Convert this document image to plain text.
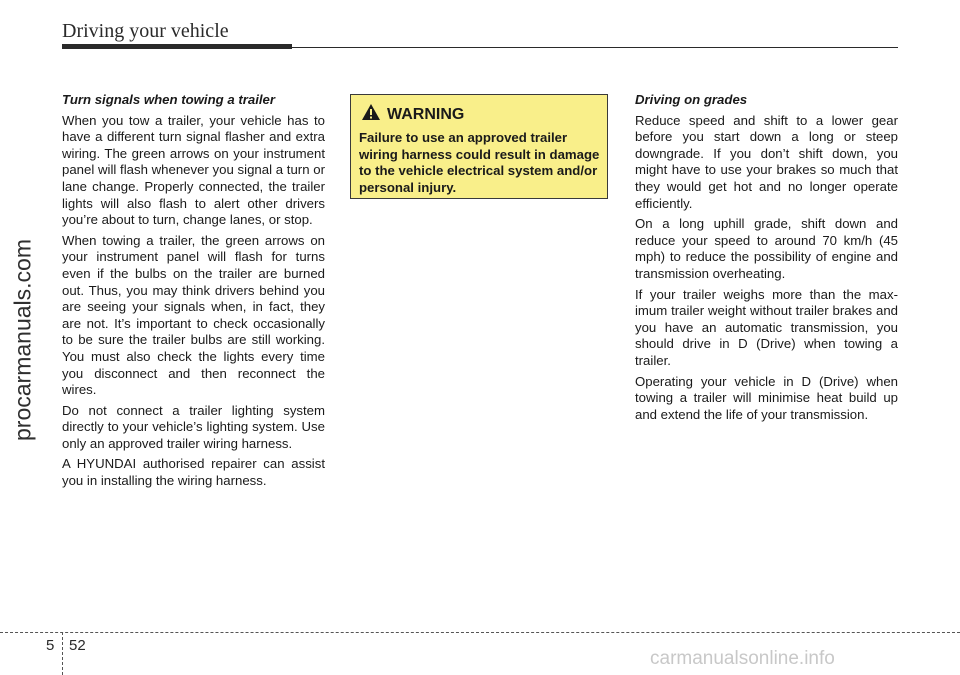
Driving your vehicle
procarmanuals.com
Turn signals when towing a trailer

When you tow a trailer, your vehicle has to have a different turn signal flasher and extra wiring. The green arrows on your instrument panel will flash whenever you signal a turn or lane change. Properly connected, the trailer lights will also flash to alert other drivers you’re about to turn, change lanes, or stop.

When towing a trailer, the green arrows on your instrument panel will flash for turns even if the bulbs on the trailer are burned out. Thus, you may think drivers behind you are seeing your signals when, in fact, they are not. It’s important to check occasionally to be sure the trailer bulbs are still working. You must also check the lights every time you disconnect and then reconnect the wires.

Do not connect a trailer lighting system directly to your vehicle’s lighting system. Use only an approved trailer wiring harness.

A HYUNDAI authorised repairer can assist you in installing the wiring harness.

WARNING
Failure to use an approved trailer wiring harness could result in damage to the vehicle electrical system and/or personal injury.
Driving on grades

Reduce speed and shift to a lower gear before you start down a long or steep downgrade. If you don’t shift down, you might have to use your brakes so much that they would get hot and no longer operate efficiently.

On a long uphill grade, shift down and reduce your speed to around 70 km/h (45 mph) to reduce the possibility of engine and transmission overheating.

If your trailer weighs more than the maximum trailer weight without trailer brakes and you have an automatic transmission, you should drive in D (Drive) when towing a trailer.

Operating your vehicle in D (Drive) when towing a trailer will minimise heat build up and extend the life of your transmission.

5 52
carmanualsonline.info
